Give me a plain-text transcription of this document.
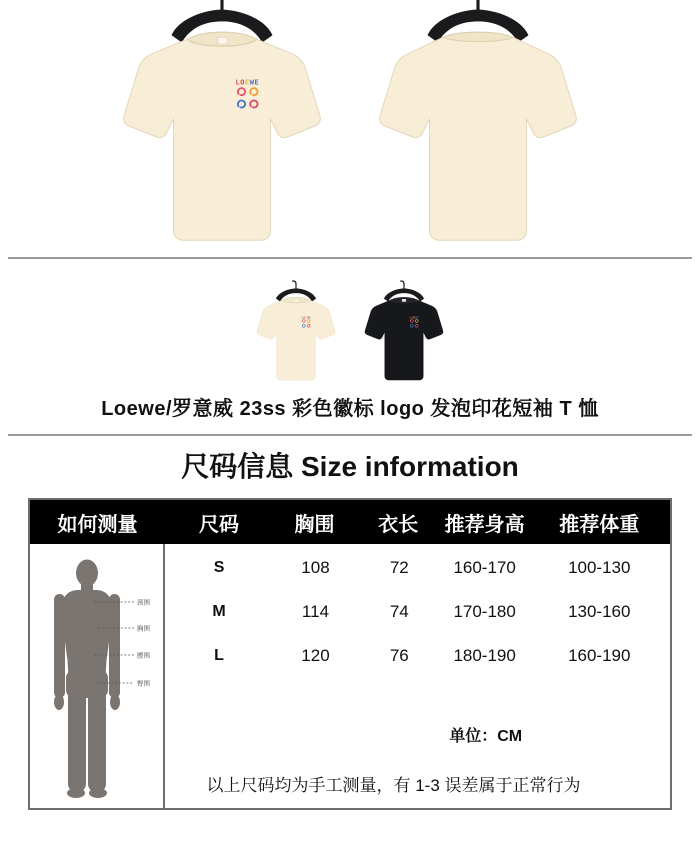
Loewe/罗意威 23ss 彩色徽标 logo 发泡印花短袖 T 恤
尺码信息 Size information
如何测量	尺码	胸围	衣长	推荐身高	推荐体重
颈围
胸围
腰围
臀围
S	108	72	160-170	100-130
M	114	74	170-180	130-160
L	120	76	180-190	160-190
单位：CM
以上尺码均为手工测量，有 1-3 误差属于正常行为
